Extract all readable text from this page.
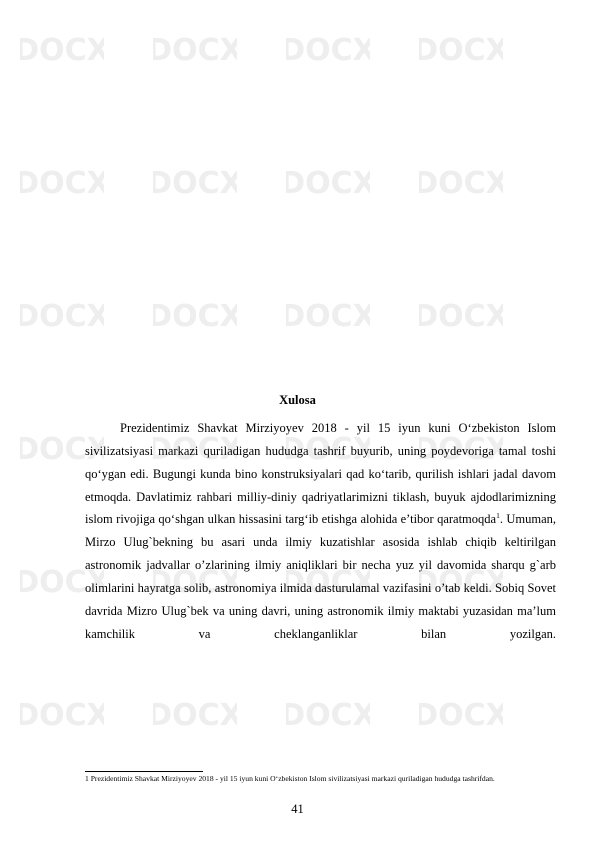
DOCX DOCX DOCX DOCX
DOCX DOCX DOCX DOCX
DOCX DOCX DOCX DOCX
DOCX DOCX DOCX DOCX
DOCX DOCX DOCX DOCX
DOCX DOCX DOCX DOCX
Xulosa

Prezidentimiz Shavkat Mirziyoyev 2018 - yil 15 iyun kuni O‘zbekiston Islom sivilizatsiyasi markazi quriladigan hududga tashrif buyurib, uning poydevoriga tamal toshi qo‘ygan edi. Bugungi kunda bino konstruksiyalari qad ko‘tarib, qurilish ishlari jadal davom etmoqda. Davlatimiz rahbari milliy-diniy qadriyatlarimizni tiklash, buyuk ajdodlarimizning islom rivojiga qo‘shgan ulkan hissasini targ‘ib etishga alohida e’tibor qaratmoqda$^1$. Umuman, Mirzo Ulug`bekning bu asari unda ilmiy kuzatishlar asosida ishlab chiqib keltirilgan astronomik jadvallar o’zlarining ilmiy aniqliklari bir necha yuz yil davomida sharqu g`arb olimlarini hayratga solib, astronomiya ilmida dasturulamal vazifasini o’tab keldi. Sobiq Sovet davrida Mizro Ulug`bek va uning davri, uning astronomik ilmiy maktabi yuzasidan ma’lum kamchilik va cheklanganliklar bilan yozilgan.

1 Prezidentimiz Shavkat Mirziyoyev 2018 - yil 15 iyun kuni O‘zbekiston Islom sivilizatsiyasi markazi quriladigan hududga tashrifdan.
41
